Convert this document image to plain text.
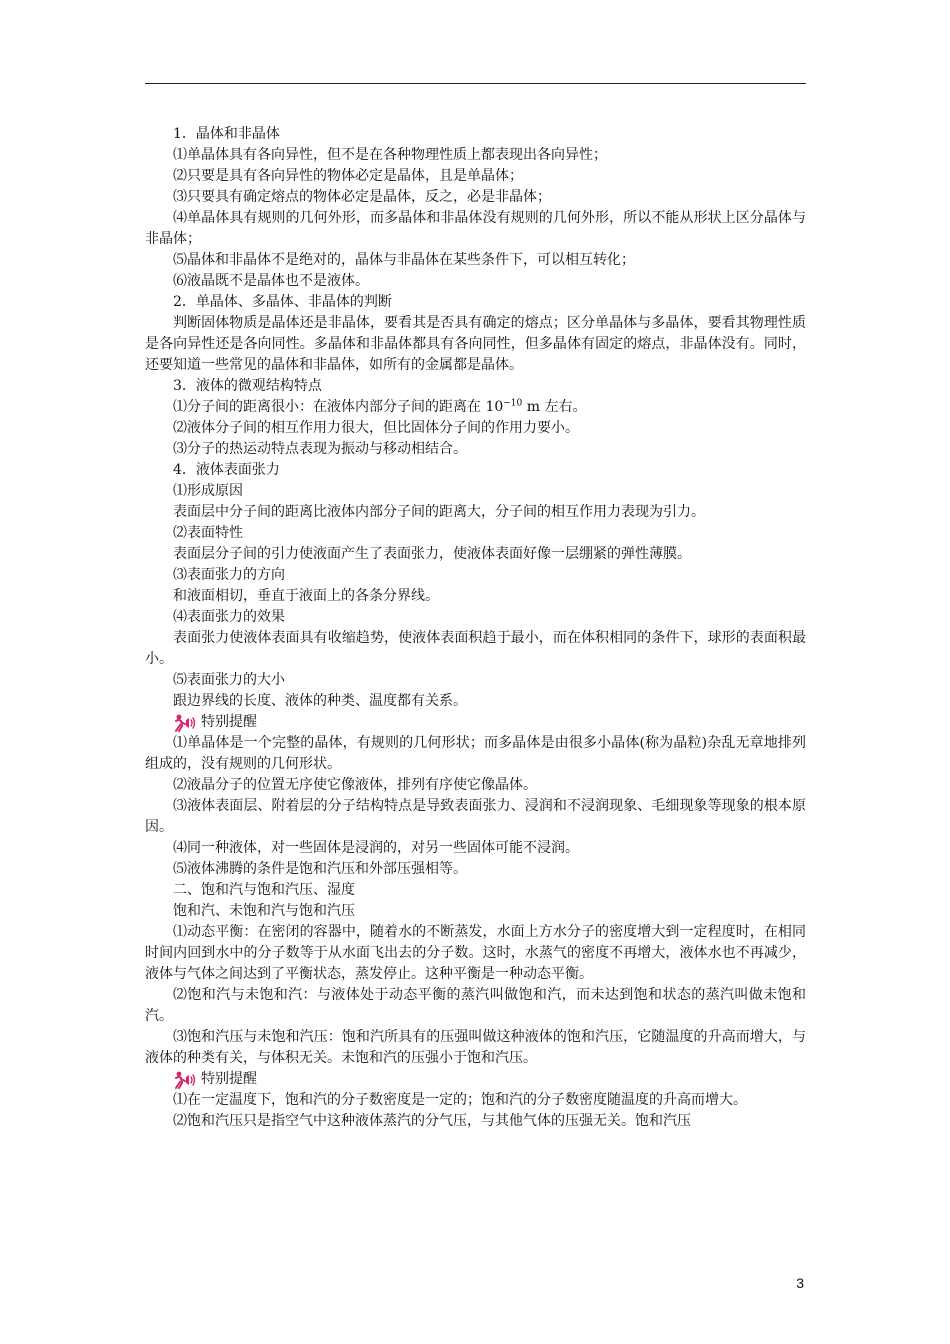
1．晶体和非晶体

⑴单晶体具有各向异性，但不是在各种物理性质上都表现出各向异性；

⑵只要是具有各向异性的物体必定是晶体，且是单晶体；

⑶只要具有确定熔点的物体必定是晶体，反之，必是非晶体；

⑷单晶体具有规则的几何外形，而多晶体和非晶体没有规则的几何外形，所以不能从形状上区分晶体与非晶体；

⑸晶体和非晶体不是绝对的，晶体与非晶体在某些条件下，可以相互转化；

⑹液晶既不是晶体也不是液体。

2．单晶体、多晶体、非晶体的判断

判断固体物质是晶体还是非晶体，要看其是否具有确定的熔点；区分单晶体与多晶体，要看其物理性质是各向异性还是各向同性。多晶体和非晶体都具有各向同性，但多晶体有固定的熔点，非晶体没有。同时，还要知道一些常见的晶体和非晶体，如所有的金属都是晶体。

3．液体的微观结构特点

⑴分子间的距离很小：在液体内部分子间的距离在 $10^{-10}$ m 左右。

⑵液体分子间的相互作用力很大，但比固体分子间的作用力要小。

⑶分子的热运动特点表现为振动与移动相结合。

4．液体表面张力

⑴形成原因

表面层中分子间的距离比液体内部分子间的距离大，分子间的相互作用力表现为引力。

⑵表面特性

表面层分子间的引力使液面产生了表面张力，使液体表面好像一层绷紧的弹性薄膜。

⑶表面张力的方向

和液面相切，垂直于液面上的各条分界线。

⑷表面张力的效果

表面张力使液体表面具有收缩趋势，使液体表面积趋于最小，而在体积相同的条件下，球形的表面积最小。

⑸表面张力的大小

跟边界线的长度、液体的种类、温度都有关系。

特别提醒

⑴单晶体是一个完整的晶体，有规则的几何形状；而多晶体是由很多小晶体(称为晶粒)杂乱无章地排列组成的，没有规则的几何形状。

⑵液晶分子的位置无序使它像液体，排列有序使它像晶体。

⑶液体表面层、附着层的分子结构特点是导致表面张力、浸润和不浸润现象、毛细现象等现象的根本原因。

⑷同一种液体，对一些固体是浸润的，对另一些固体可能不浸润。

⑸液体沸腾的条件是饱和汽压和外部压强相等。

二、饱和汽与饱和汽压、湿度

饱和汽、未饱和汽与饱和汽压

⑴动态平衡：在密闭的容器中，随着水的不断蒸发，水面上方水分子的密度增大到一定程度时，在相同时间内回到水中的分子数等于从水面飞出去的分子数。这时，水蒸气的密度不再增大，液体水也不再减少，液体与气体之间达到了平衡状态，蒸发停止。这种平衡是一种动态平衡。

⑵饱和汽与未饱和汽：与液体处于动态平衡的蒸汽叫做饱和汽，而未达到饱和状态的蒸汽叫做未饱和汽。

⑶饱和汽压与未饱和汽压：饱和汽所具有的压强叫做这种液体的饱和汽压，它随温度的升高而增大，与液体的种类有关，与体积无关。未饱和汽的压强小于饱和汽压。

特别提醒

⑴在一定温度下，饱和汽的分子数密度是一定的；饱和汽的分子数密度随温度的升高而增大。

⑵饱和汽压只是指空气中这种液体蒸汽的分气压，与其他气体的压强无关。饱和汽压

3
